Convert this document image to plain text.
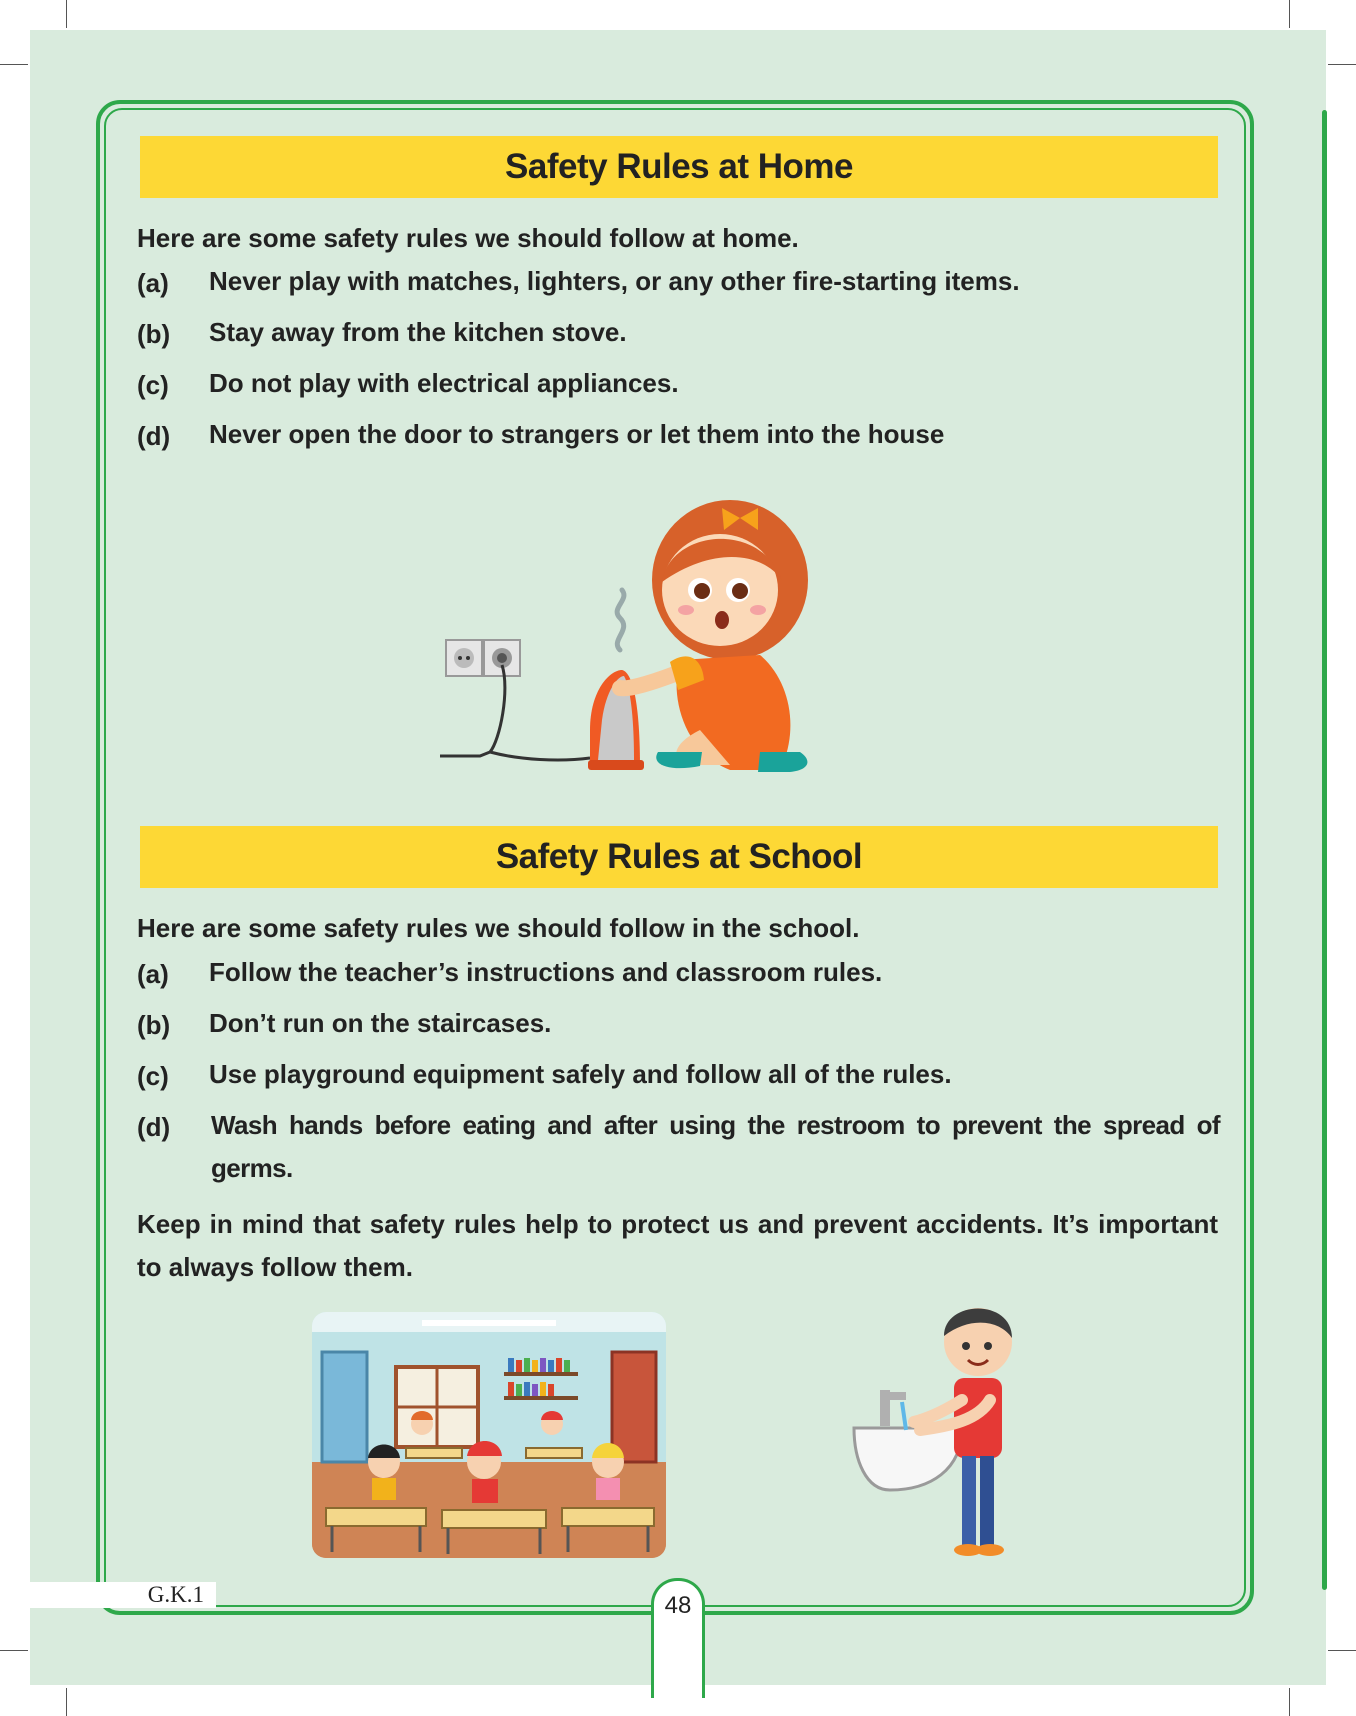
Safety Rules at Home
Here are some safety rules we should follow at home.
(a) Never play with matches, lighters, or any other fire-starting items.
(b) Stay away from the kitchen stove.
(c) Do not play with electrical appliances.
(d) Never open the door to strangers or let them into the house
Safety Rules at School
Here are some safety rules we should follow in the school.
(a) Follow the teacher’s instructions and classroom rules.
(b) Don’t run on the staircases.
(c) Use playground equipment safely and follow all of the rules.
(d) Wash hands before eating and after using the restroom to prevent the spread of germs.
Keep in mind that safety rules help to protect us and prevent accidents. It’s important to always follow them.
G.K.1	48
